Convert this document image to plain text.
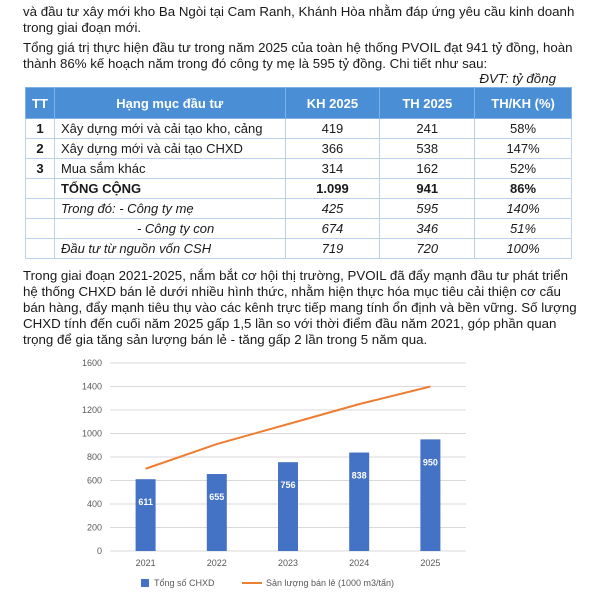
và đầu tư xây mới kho Ba Ngòi tại Cam Ranh, Khánh Hòa nhằm đáp ứng yêu cầu kinh doanh
trong giai đoạn mới.

Tổng giá trị thực hiện đầu tư trong năm 2025 của toàn hệ thống PVOIL đạt 941 tỷ đồng, hoàn
thành 86% kế hoạch năm trong đó công ty mẹ là 595 tỷ đồng. Chi tiết như sau:

ĐVT: tỷ đồng
TT	Hạng mục đầu tư	KH 2025	TH 2025	TH/KH (%)
1	Xây dựng mới và cải tạo kho, cảng	419	241	58%
2	Xây dựng mới và cải tạo CHXD	366	538	147%
3	Mua sắm khác	314	162	52%
	TỔNG CỘNG	1.099	941	86%
	Trong đó: - Công ty mẹ	425	595	140%
	- Công ty con	674	346	51%
	Đầu tư từ nguồn vốn CSH	719	720	100%

Trong giai đoạn 2021-2025, nắm bắt cơ hội thị trường, PVOIL đã đẩy mạnh đầu tư phát triển
hệ thống CHXD bán lẻ dưới nhiều hình thức, nhằm hiện thực hóa mục tiêu cải thiện cơ cấu
bán hàng, đẩy mạnh tiêu thụ vào các kênh trực tiếp mang tính ổn định và bền vững. Số lượng
CHXD tính đến cuối năm 2025 gấp 1,5 lần so với thời điểm đầu năm 2021, góp phần quan
trọng để gia tăng sản lượng bán lẻ - tăng gấp 2 lần trong 5 năm qua.

0
200
400
600
800
1000
1200
1400
1600
611
655
756
838
950
2021	2022	2023	2024	2025
Tổng số CHXD	Sản lượng bán lẻ (1000 m3/tấn)
